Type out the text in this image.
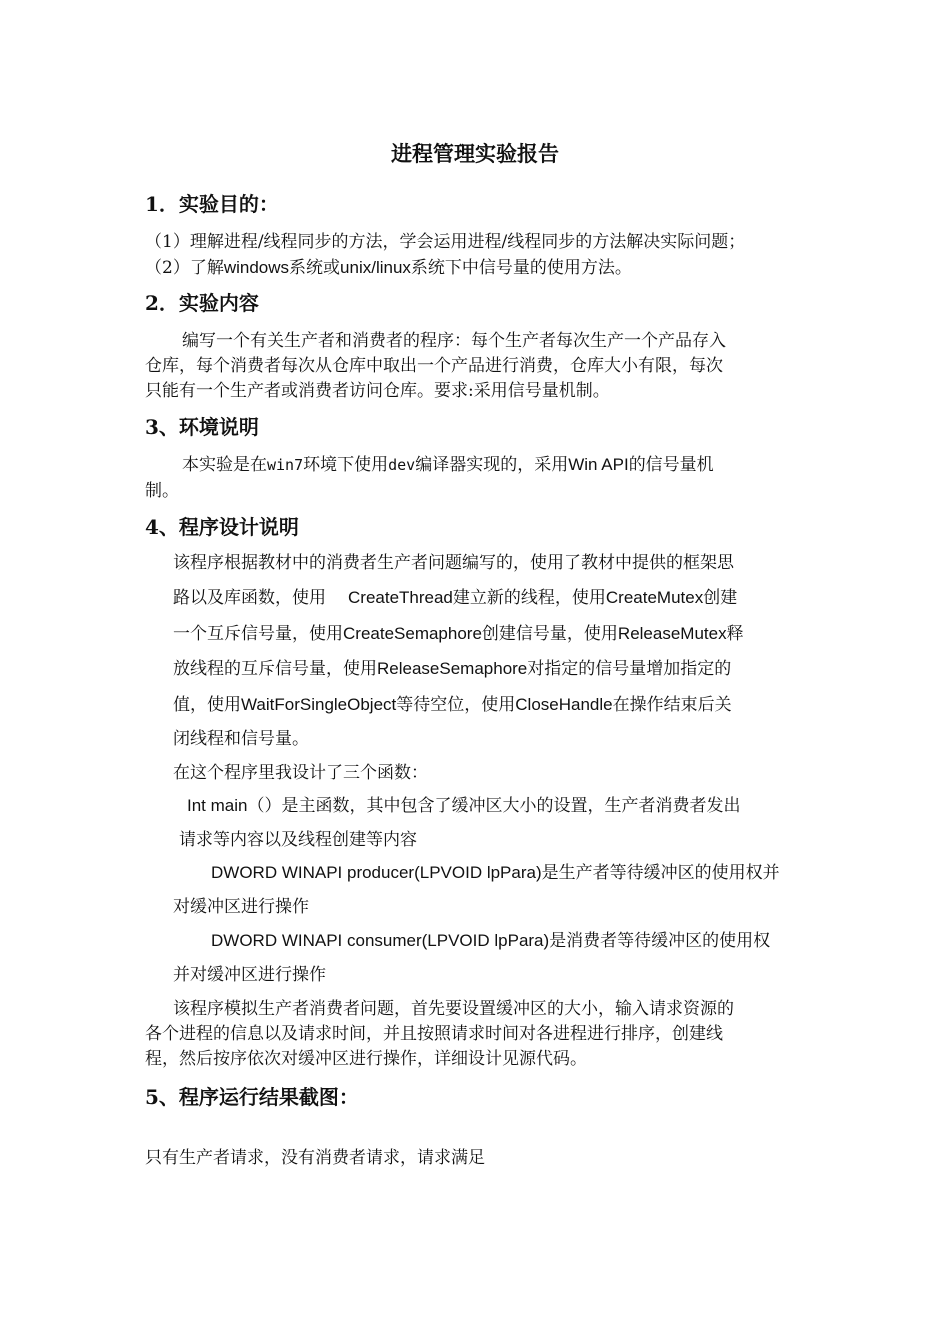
进程管理实验报告
1．实验目的：
（1）理解进程/线程同步的方法，学会运用进程/线程同步的方法解决实际问题；
（2）了解windows系统或unix/linux系统下中信号量的使用方法。
2．实验内容
编写一个有关生产者和消费者的程序：每个生产者每次生产一个产品存入
仓库，每个消费者每次从仓库中取出一个产品进行消费，仓库大小有限，每次
只能有一个生产者或消费者访问仓库。要求:采用信号量机制。
3、环境说明
本实验是在win7环境下使用dev编译器实现的，采用Win API的信号量机
制。
4、程序设计说明
该程序根据教材中的消费者生产者问题编写的，使用了教材中提供的框架思
路以及库函数，使用 CreateThread建立新的线程，使用CreateMutex创建
一个互斥信号量，使用CreateSemaphore创建信号量，使用ReleaseMutex释
放线程的互斥信号量，使用ReleaseSemaphore对指定的信号量增加指定的
值，使用WaitForSingleObject等待空位，使用CloseHandle在操作结束后关
闭线程和信号量。
在这个程序里我设计了三个函数：
Int main（）是主函数，其中包含了缓冲区大小的设置，生产者消费者发出
请求等内容以及线程创建等内容
DWORD WINAPI producer(LPVOID lpPara)是生产者等待缓冲区的使用权并
对缓冲区进行操作
DWORD WINAPI consumer(LPVOID lpPara)是消费者等待缓冲区的使用权
并对缓冲区进行操作
该程序模拟生产者消费者问题，首先要设置缓冲区的大小，输入请求资源的
各个进程的信息以及请求时间，并且按照请求时间对各进程进行排序，创建线
程，然后按序依次对缓冲区进行操作，详细设计见源代码。
5、程序运行结果截图：
只有生产者请求，没有消费者请求，请求满足
